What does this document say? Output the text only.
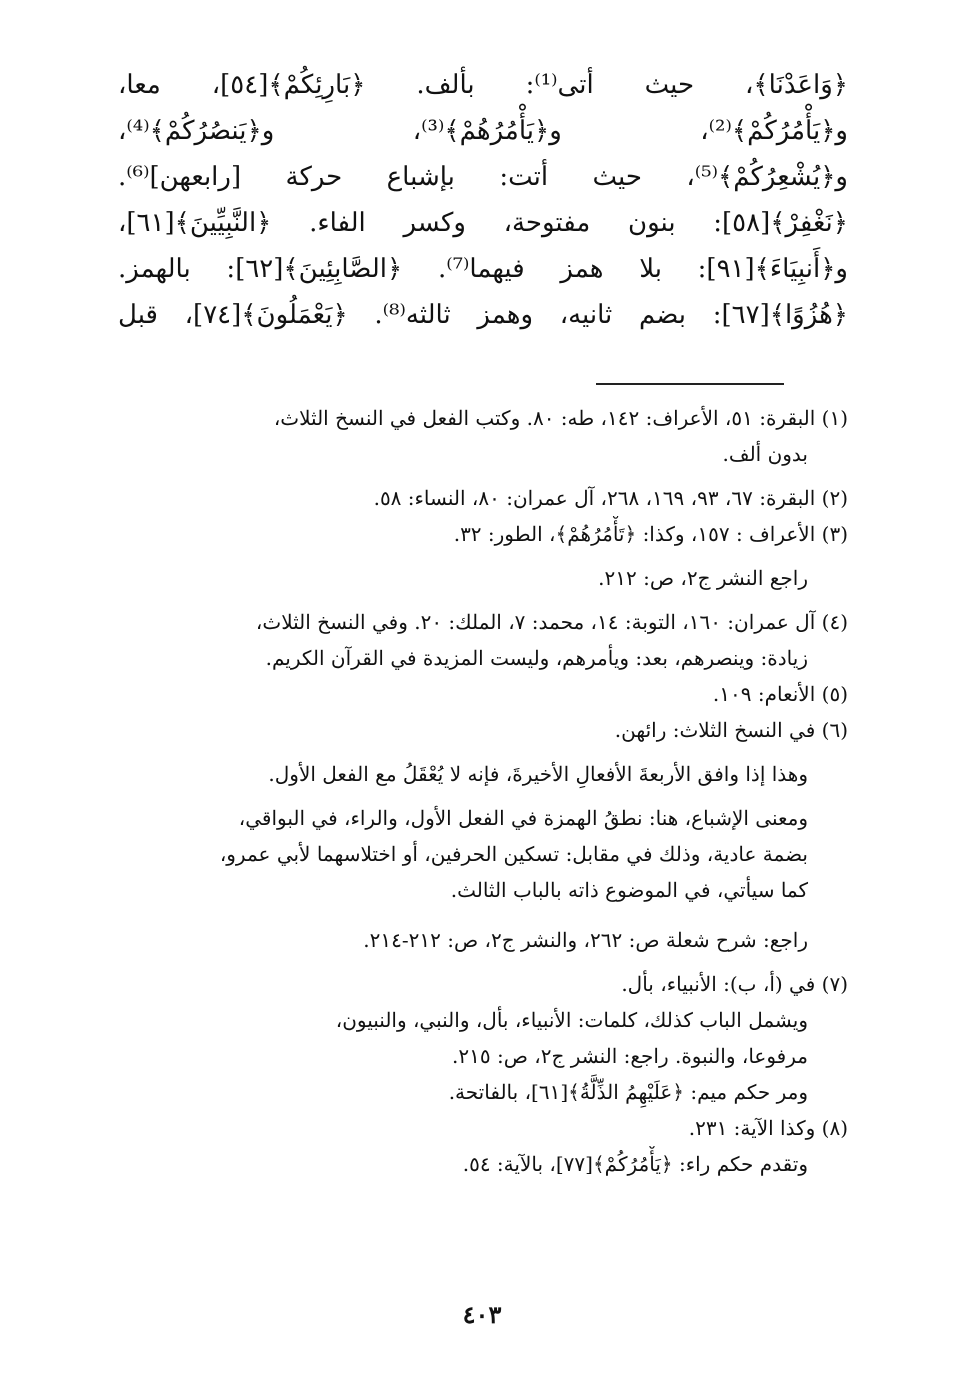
﴿وَاعَدْنَا﴾، حيث أتى⁽¹⁾: بألف. ﴿بَارِئِكُمْ﴾[٥٤]، معا،
و﴿يَأْمُرُكُمْ﴾⁽²⁾، و﴿يَأْمُرُهُمْ﴾⁽³⁾، و﴿يَنصُرُكُمْ﴾⁽⁴⁾،
و﴿يُشْعِرُكُمْ﴾⁽⁵⁾، حيث أتت: بإشباع حركة [رابعهن]⁽⁶⁾.
﴿نَغْفِرْ﴾[٥٨]: بنون مفتوحة، وكسر الفاء. ﴿النَّبِيِّينَ﴾[٦١]،
و﴿أَنبِيَاءَ﴾[٩١]: بلا همز فيهما⁽⁷⁾. ﴿الصَّابِئِينَ﴾[٦٢]: بالهمز.
﴿هُزُوًا﴾[٦٧]: بضم ثانيه، وهمز ثالثه⁽⁸⁾. ﴿يَعْمَلُونَ﴾[٧٤]، قبل
(١) البقرة: ٥١، الأعراف: ١٤٢، طه: ٨٠. وكتب الفعل في النسخ الثلاث،
بدون ألف.
(٢) البقرة: ٦٧، ٩٣، ١٦٩، ٢٦٨، آل عمران: ٨٠، النساء: ٥٨.
(٣) الأعراف : ١٥٧، وكذا: ﴿تَأْمُرُهُمْ﴾، الطور: ٣٢.
راجع النشر ج٢، ص: ٢١٢.
(٤) آل عمران: ١٦٠، التوبة: ١٤، محمد: ٧، الملك: ٢٠. وفي النسخ الثلاث،
زيادة: وينصرهم، بعد: ويأمرهم، وليست المزيدة في القرآن الكريم.
(٥) الأنعام: ١٠٩.
(٦) في النسخ الثلاث: رائهن.
وهذا إذا وافق الأربعةَ الأفعالِ الأخيرةَ، فإنه لا يُعْقَلُ مع الفعل الأول.
ومعنى الإشباع، هنا: نطقُ الهمزة في الفعل الأول، والراء، في البواقي،
بضمة عادية، وذلك في مقابل: تسكين الحرفين، أو اختلاسهما لأبي عمرو،
كما سيأتي، في الموضوع ذاته بالباب الثالث.
راجع: شرح شعلة ص: ٢٦٢، والنشر ج٢، ص: ٢١٢-٢١٤.
(٧) في (أ، ب): الأنبياء، بأل.
ويشمل الباب كذلك، كلمات: الأنبياء، بأل، والنبي، والنبيون،
مرفوعا، والنبوة. راجع: النشر ج٢، ص: ٢١٥.
ومر حكم ميم: ﴿عَلَيْهِمُ الذِّلَّةُ﴾[٦١]، بالفاتحة.
(٨) وكذا الآية: ٢٣١.
وتقدم حكم راء: ﴿يَأْمُرُكُمْ﴾[٧٧]، بالآية: ٥٤.
٤٠٣
